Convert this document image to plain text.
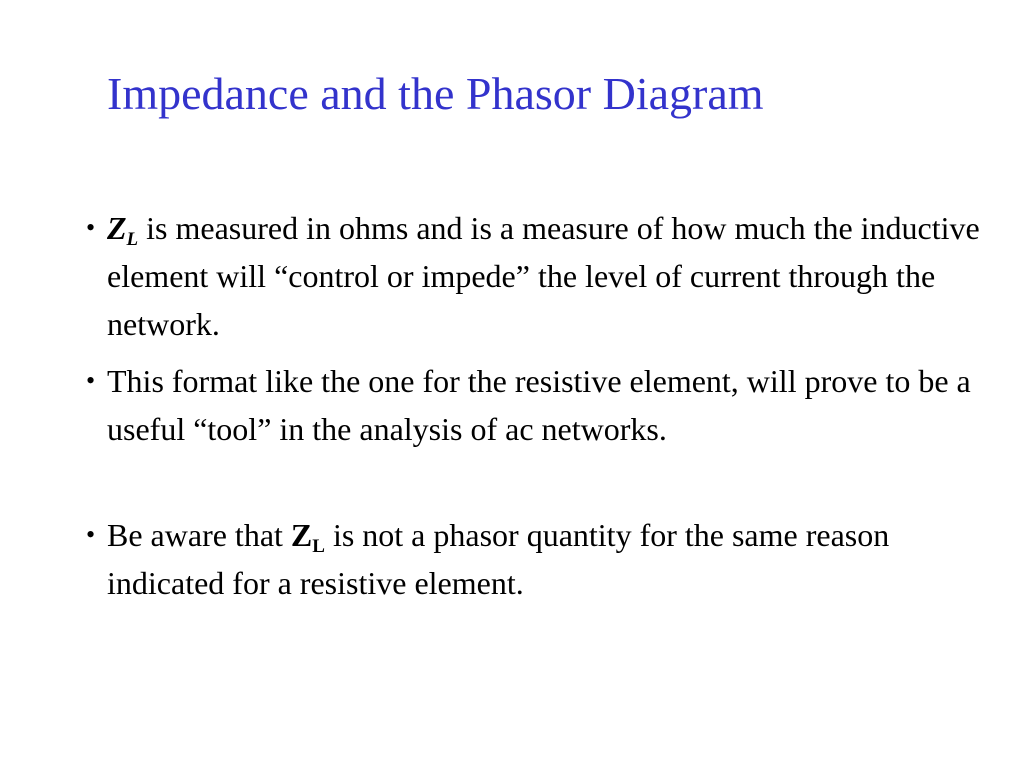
Impedance and the Phasor Diagram
• $Z_L$ is measured in ohms and is a measure of how much the inductive element will “control or impede” the level of current through the network.
• This format like the one for the resistive element, will prove to be a useful “tool” in the analysis of ac networks.
• Be aware that $Z_L$ is not a phasor quantity for the same reason indicated for a resistive element.
